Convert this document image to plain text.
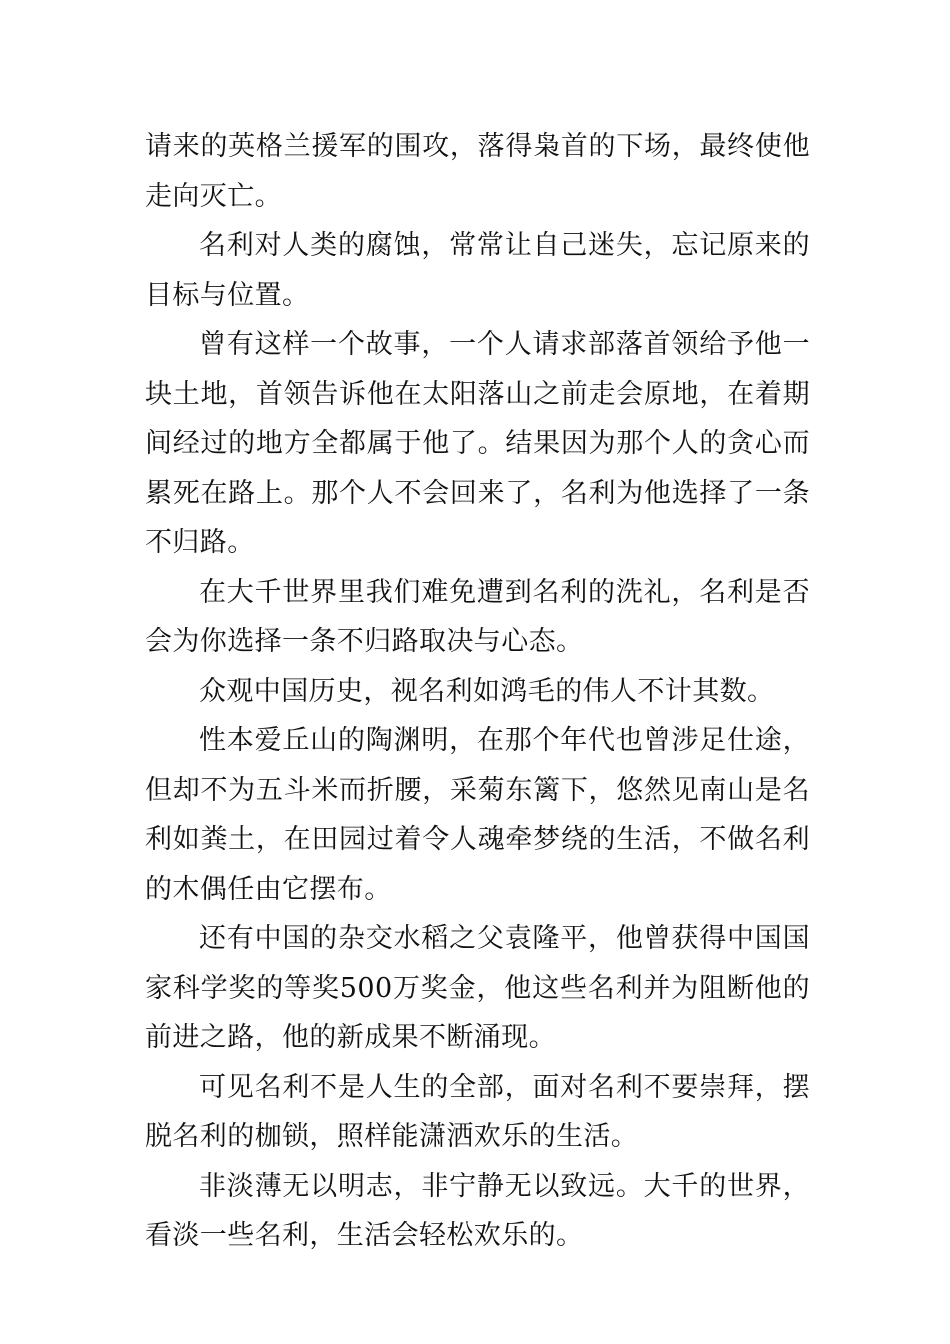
请来的英格兰援军的围攻，落得枭首的下场，最终使他走向灭亡。

名利对人类的腐蚀，常常让自己迷失，忘记原来的目标与位置。

曾有这样一个故事，一个人请求部落首领给予他一块土地，首领告诉他在太阳落山之前走会原地，在着期间经过的地方全都属于他了。结果因为那个人的贪心而累死在路上。那个人不会回来了，名利为他选择了一条不归路。

在大千世界里我们难免遭到名利的洗礼，名利是否会为你选择一条不归路取决与心态。

众观中国历史，视名利如鸿毛的伟人不计其数。

性本爱丘山的陶渊明，在那个年代也曾涉足仕途，但却不为五斗米而折腰，采菊东篱下，悠然见南山是名利如粪土，在田园过着令人魂牵梦绕的生活，不做名利的木偶任由它摆布。

还有中国的杂交水稻之父袁隆平，他曾获得中国国家科学奖的等奖500万奖金，他这些名利并为阻断他的前进之路，他的新成果不断涌现。

可见名利不是人生的全部，面对名利不要崇拜，摆脱名利的枷锁，照样能潇洒欢乐的生活。

非淡薄无以明志，非宁静无以致远。大千的世界，看淡一些名利，生活会轻松欢乐的。
